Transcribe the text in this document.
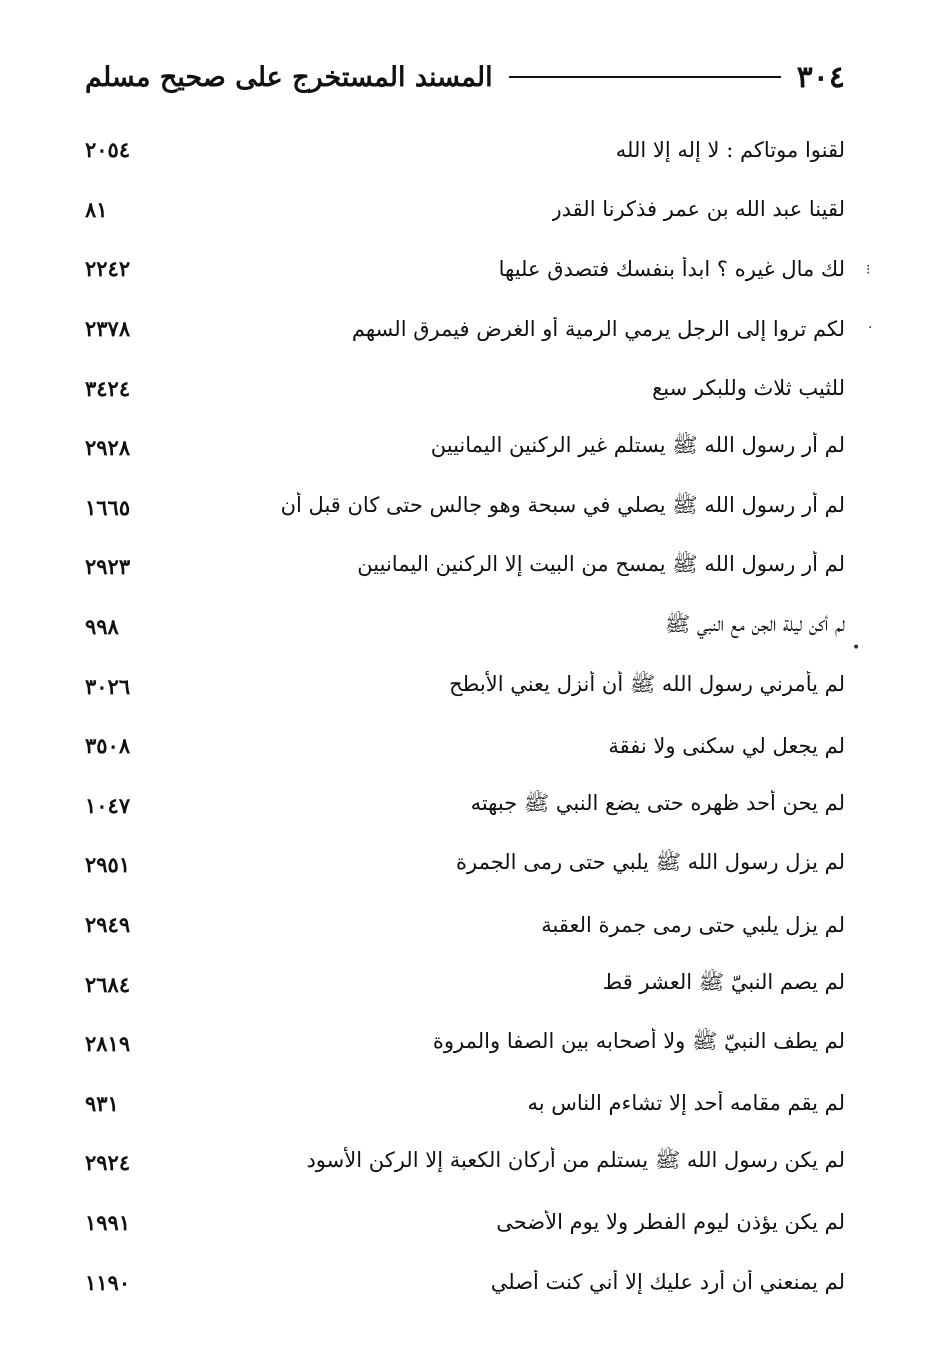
٣٠٤
المسند المستخرج على صحيح مسلم
لقنوا موتاكم : لا إله إلا الله
٢٠٥٤
لقينا عبد الله بن عمر فذكرنا القدر
٨١
لك مال غيره ؟ ابدأ بنفسك فتصدق عليها
٢٢٤٢
لكم تروا إلى الرجل يرمي الرمية أو الغرض فيمرق السهم
٢٣٧٨
للثيب ثلاث وللبكر سبع
٣٤٢٤
لم أر رسول الله ﷺ يستلم غير الركنين اليمانيين
٢٩٢٨
لم أر رسول الله ﷺ يصلي في سبحة وهو جالس حتى كان قبل أن
١٦٦٥
لم أر رسول الله ﷺ يمسح من البيت إلا الركنين اليمانيين
٢٩٢٣
لم أكن ليلة الجن مع النبي ﷺ
٩٩٨
لم يأمرني رسول الله ﷺ أن أنزل يعني الأبطح
٣٠٢٦
لم يجعل لي سكنى ولا نفقة
٣٥٠٨
لم يحن أحد ظهره حتى يضع النبي ﷺ جبهته
١٠٤٧
لم يزل رسول الله ﷺ يلبي حتى رمى الجمرة
٢٩٥١
لم يزل يلبي حتى رمى جمرة العقبة
٢٩٤٩
لم يصم النبيّ ﷺ العشر قط
٢٦٨٤
لم يطف النبيّ ﷺ ولا أصحابه بين الصفا والمروة
٢٨١٩
لم يقم مقامه أحد إلا تشاءم الناس به
٩٣١
لم يكن رسول الله ﷺ يستلم من أركان الكعبة إلا الركن الأسود
٢٩٢٤
لم يكن يؤذن ليوم الفطر ولا يوم الأضحى
١٩٩١
لم يمنعني أن أرد عليك إلا أني كنت أصلي
١١٩٠
⁝
·
•
